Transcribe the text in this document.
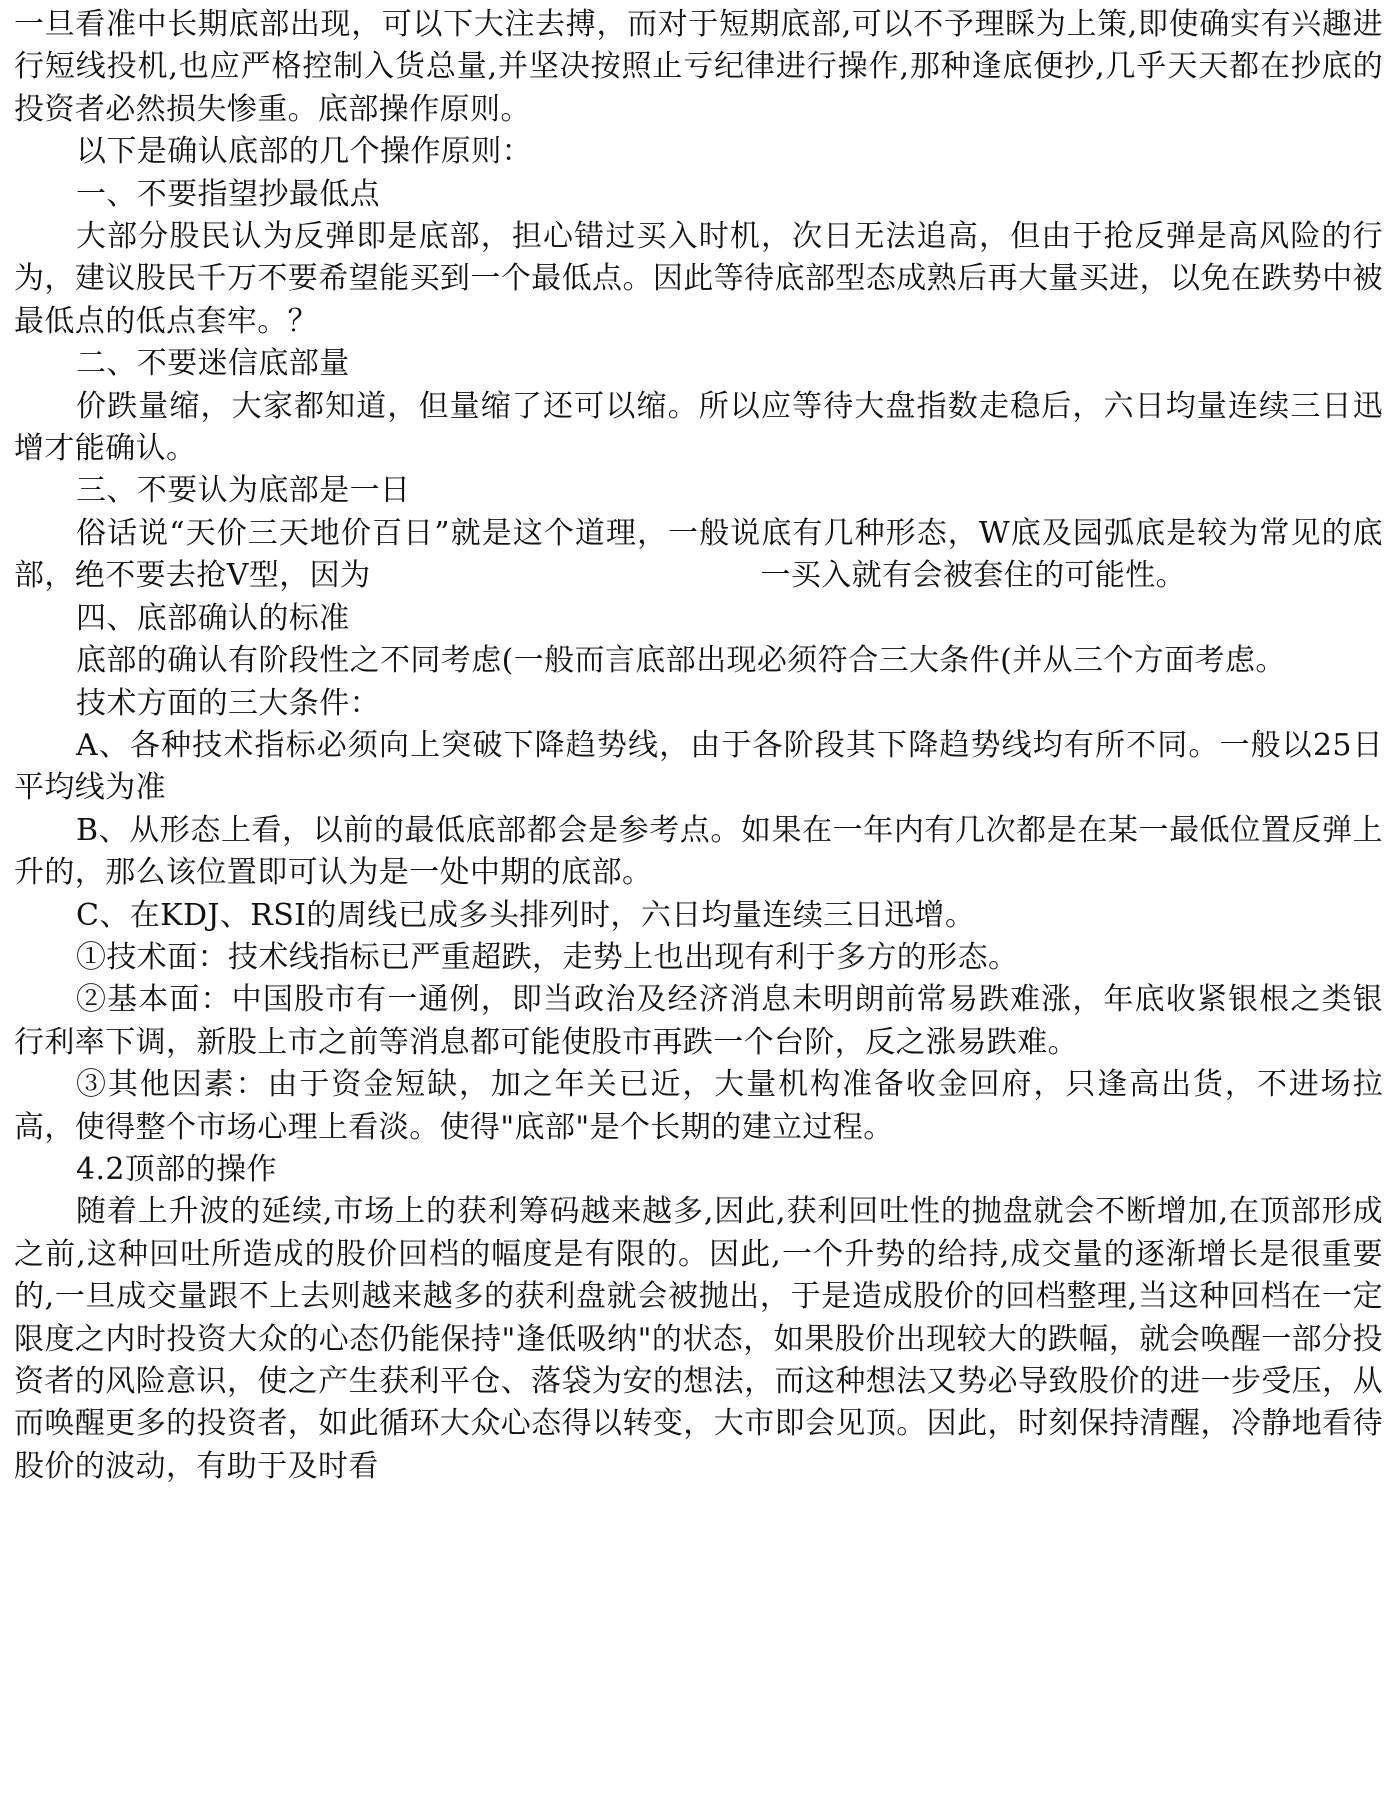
一旦看准中长期底部出现，可以下大注去搏，而对于短期底部,可以不予理睬为上策,即使确实有兴趣进行短线投机,也应严格控制入货总量,并坚决按照止亏纪律进行操作,那种逢底便抄,几乎天天都在抄底的投资者必然损失惨重。底部操作原则。

以下是确认底部的几个操作原则：

一、不要指望抄最低点

大部分股民认为反弹即是底部，担心错过买入时机，次日无法追高，但由于抢反弹是高风险的行为，建议股民千万不要希望能买到一个最低点。因此等待底部型态成熟后再大量买进，以免在跌势中被最低点的低点套牢。？

二、不要迷信底部量

价跌量缩，大家都知道，但量缩了还可以缩。所以应等待大盘指数走稳后，六日均量连续三日迅增才能确认。

三、不要认为底部是一日

俗话说“天价三天地价百日”就是这个道理，一般说底有几种形态，W底及园弧底是较为常见的底部，绝不要去抢V型，因为	一买入就有会被套住的可能性。

四、底部确认的标准

底部的确认有阶段性之不同考虑(一般而言底部出现必须符合三大条件(并从三个方面考虑。

技术方面的三大条件：

A、各种技术指标必须向上突破下降趋势线，由于各阶段其下降趋势线均有所不同。一般以25日平均线为准

B、从形态上看，以前的最低底部都会是参考点。如果在一年内有几次都是在某一最低位置反弹上升的，那么该位置即可认为是一处中期的底部。

C、在KDJ、RSI的周线已成多头排列时，六日均量连续三日迅增。

①技术面：技术线指标已严重超跌，走势上也出现有利于多方的形态。

②基本面：中国股市有一通例，即当政治及经济消息未明朗前常易跌难涨，年底收紧银根之类银行利率下调，新股上市之前等消息都可能使股市再跌一个台阶，反之涨易跌难。

③其他因素：由于资金短缺，加之年关已近，大量机构准备收金回府，只逢高出货，不进场拉高，使得整个市场心理上看淡。使得"底部"是个长期的建立过程。

4.2顶部的操作

随着上升波的延续,市场上的获利筹码越来越多,因此,获利回吐性的抛盘就会不断增加,在顶部形成之前,这种回吐所造成的股价回档的幅度是有限的。因此,一个升势的给持,成交量的逐渐增长是很重要的,一旦成交量跟不上去则越来越多的获利盘就会被抛出，于是造成股价的回档整理,当这种回档在一定限度之内时投资大众的心态仍能保持"逢低吸纳"的状态，如果股价出现较大的跌幅，就会唤醒一部分投资者的风险意识，使之产生获利平仓、落袋为安的想法，而这种想法又势必导致股价的进一步受压，从而唤醒更多的投资者，如此循环大众心态得以转变，大市即会见顶。因此，时刻保持清醒，冷静地看待股价的波动，有助于及时看
